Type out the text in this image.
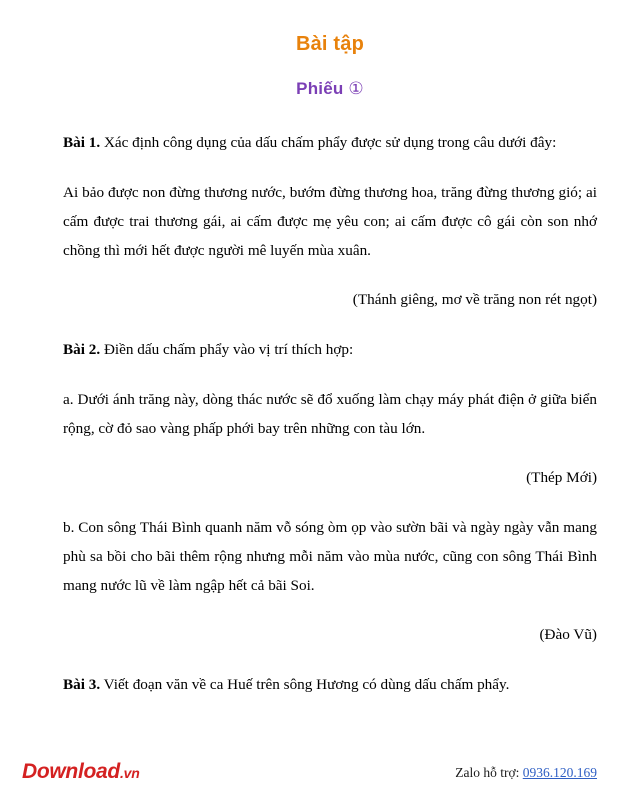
Bài tập
Phiếu ①

Bài 1. Xác định công dụng của dấu chấm phẩy được sử dụng trong câu dưới đây:

Ai bảo được non đừng thương nước, bướm đừng thương hoa, trăng đừng thương gió; ai cấm được trai thương gái, ai cấm được mẹ yêu con; ai cấm được cô gái còn son nhớ chồng thì mới hết được người mê luyến mùa xuân.

(Thánh giêng, mơ về trăng non rét ngọt)

Bài 2. Điền dấu chấm phẩy vào vị trí thích hợp:

a. Dưới ánh trăng này, dòng thác nước sẽ đổ xuống làm chạy máy phát điện ở giữa biển rộng, cờ đỏ sao vàng phấp phới bay trên những con tàu lớn.

(Thép Mới)

b. Con sông Thái Bình quanh năm vỗ sóng òm ọp vào sườn bãi và ngày ngày vẫn mang phù sa bồi cho bãi thêm rộng nhưng mỗi năm vào mùa nước, cũng con sông Thái Bình mang nước lũ về làm ngập hết cả bãi Soi.

(Đào Vũ)

Bài 3. Viết đoạn văn về ca Huế trên sông Hương có dùng dấu chấm phẩy.

Download.vn	Zalo hỗ trợ: 0936.120.169
